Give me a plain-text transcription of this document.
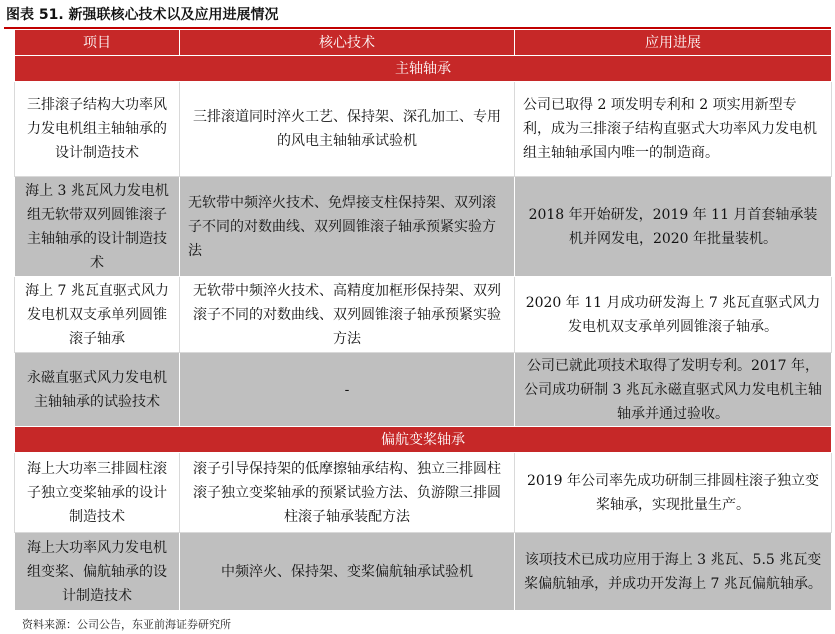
图表 51. 新强联核心技术以及应用进展情况
项目	核心技术	应用进展
主轴轴承		
三排滚子结构大功率风力发电机组主轴轴承的设计制造技术	三排滚道同时淬火工艺、保持架、深孔加工、专用的风电主轴轴承试验机	公司已取得 2 项发明专利和 2 项实用新型专利，成为三排滚子结构直驱式大功率风力发电机组主轴轴承国内唯一的制造商。
海上 3 兆瓦风力发电机组无软带双列圆锥滚子主轴轴承的设计制造技术	无软带中频淬火技术、免焊接支柱保持架、双列滚子不同的对数曲线、双列圆锥滚子轴承预紧实验方法	2018 年开始研发，2019 年 11 月首套轴承装机并网发电，2020 年批量装机。
海上 7 兆瓦直驱式风力发电机双支承单列圆锥滚子轴承	无软带中频淬火技术、高精度加框形保持架、双列滚子不同的对数曲线、双列圆锥滚子轴承预紧实验方法	2020 年 11 月成功研发海上 7 兆瓦直驱式风力发电机双支承单列圆锥滚子轴承。
永磁直驱式风力发电机主轴轴承的试验技术	-	公司已就此项技术取得了发明专利。2017 年，公司成功研制 3 兆瓦永磁直驱式风力发电机主轴轴承并通过验收。
偏航变桨轴承		
海上大功率三排圆柱滚子独立变桨轴承的设计制造技术	滚子引导保持架的低摩擦轴承结构、独立三排圆柱滚子独立变桨轴承的预紧试验方法、负游隙三排圆柱滚子轴承装配方法	2019 年公司率先成功研制三排圆柱滚子独立变桨轴承，实现批量生产。
海上大功率风力发电机组变桨、偏航轴承的设计制造技术	中频淬火、保持架、变桨偏航轴承试验机	该项技术已成功应用于海上 3 兆瓦、5.5 兆瓦变桨偏航轴承，并成功开发海上 7 兆瓦偏航轴承。
资料来源：公司公告，东亚前海证券研究所
